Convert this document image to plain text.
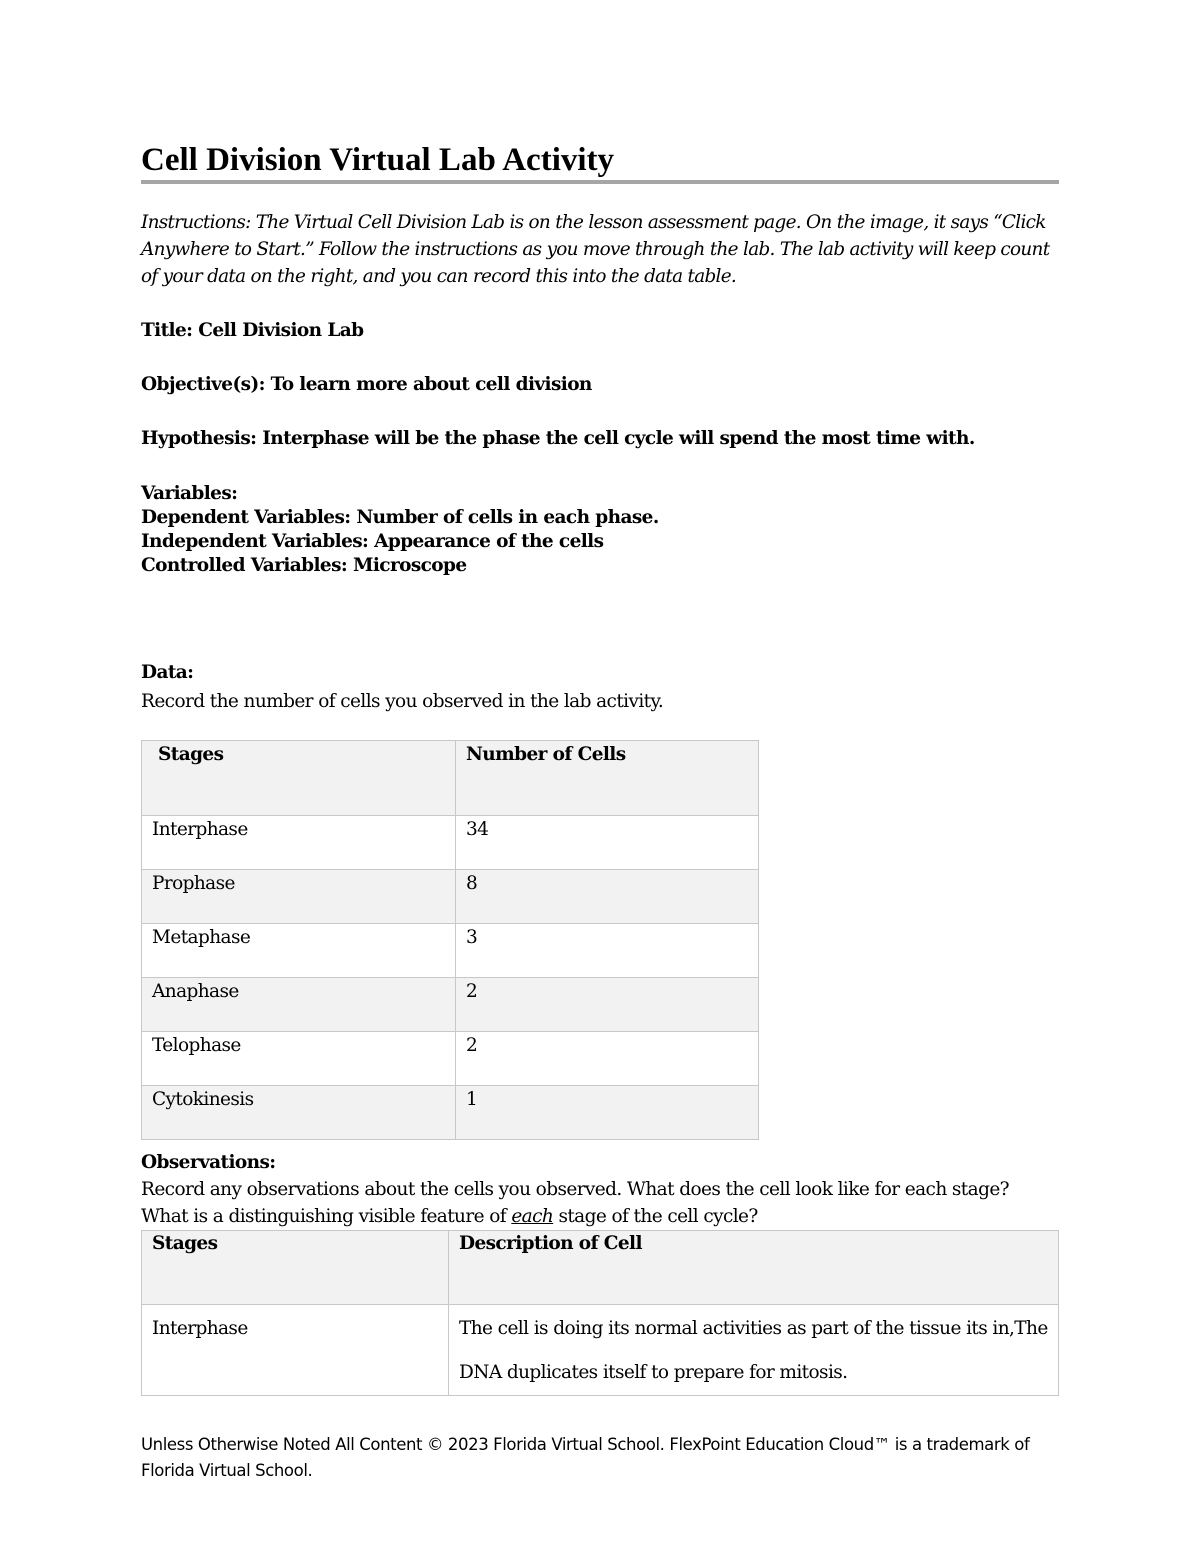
Cell Division Virtual Lab Activity

Instructions: The Virtual Cell Division Lab is on the lesson assessment page. On the image, it says “Click Anywhere to Start.” Follow the instructions as you move through the lab. The lab activity will keep count of your data on the right, and you can record this into the data table.

Title: Cell Division Lab

Objective(s): To learn more about cell division

Hypothesis: Interphase will be the phase the cell cycle will spend the most time with.

Variables:

Dependent Variables: Number of cells in each phase.

Independent Variables: Appearance of the cells

Controlled Variables: Microscope

Data:

Record the number of cells you observed in the lab activity.

Stages	Number of Cells
Interphase	34
Prophase	8
Metaphase	3
Anaphase	2
Telophase	2
Cytokinesis	1

Observations:

Record any observations about the cells you observed. What does the cell look like for each stage? What is a distinguishing visible feature of each stage of the cell cycle?

Stages	Description of Cell
Interphase	The cell is doing its normal activities as part of the tissue its in,The DNA duplicates itself to prepare for mitosis.

Unless Otherwise Noted All Content © 2023 Florida Virtual School. FlexPoint Education Cloud™ is a trademark of Florida Virtual School.
